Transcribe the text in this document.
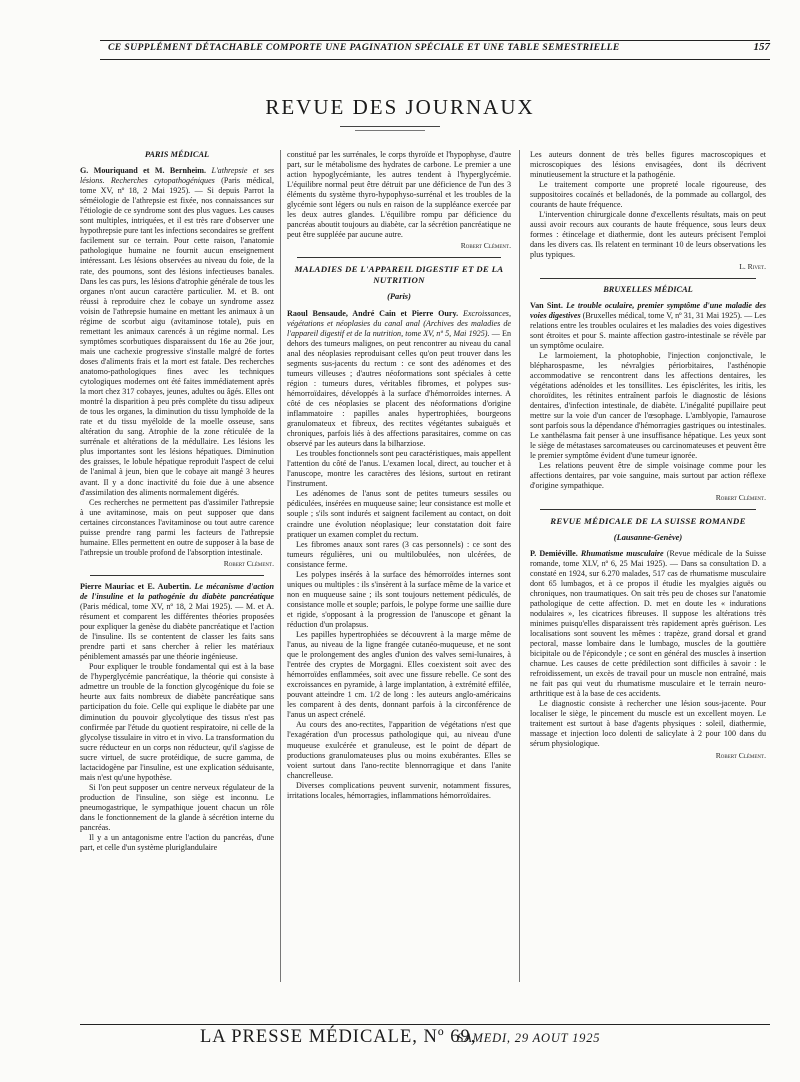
CE SUPPLÉMENT DÉTACHABLE COMPORTE UNE PAGINATION SPÉCIALE ET UNE TABLE SEMESTRIELLE	157
REVUE DES JOURNAUX
PARIS MÉDICAL

G. Mouriquand et M. Bernheim. L'athrepsie et ses lésions. Recherches cytopathogéniques (Paris médical, tome XV, nº 18, 2 Mai 1925). — Si depuis Parrot la séméiologie de l'athrepsie est fixée, nos connaissances sur l'étiologie de ce syndrome sont des plus vagues. Les causes sont multiples, intriquées, et il est très rare d'observer une hypothrepsie pure tant les infections secondaires se greffent facilement sur ce terrain. Pour cette raison, l'anatomie pathologique humaine ne fournit aucun enseignement intéressant. Les lésions observées au niveau du foie, de la rate, des poumons, sont des lésions infectieuses banales. Dans les cas purs, les lésions d'atrophie générale de tous les organes n'ont aucun caractère particulier. M. et B. ont réussi à reproduire chez le cobaye un syndrome assez voisin de l'athrepsie humaine en mettant les animaux à un régime de scorbut aigu (avitaminose totale), puis en remettant les animaux carencés à un régime normal. Les symptômes scorbutiques disparaissent du 16e au 26e jour, mais une cachexie progressive s'installe malgré de fortes doses d'aliments frais et la mort est fatale. Des recherches anatomo-pathologiques fines avec les techniques cytologiques modernes ont été faites immédiatement après la mort chez 317 cobayes, jeunes, adultes ou âgés. Elles ont montré la disparition à peu près complète du tissu adipeux de tous les organes, la diminution du tissu lymphoïde de la rate et du tissu myéloïde de la moelle osseuse, sans altération du sang. Atrophie de la zone réticulée de la surrénale et altérations de la médullaire. Les lésions les plus importantes sont les lésions hépatiques. Diminution des graisses, le lobule hépatique reproduit l'aspect de celui de l'animal à jeun, bien que le cobaye ait mangé 3 heures avant. Il y a donc inactivité du foie due à une absence d'assimilation des aliments normalement digérés.

Ces recherches ne permettent pas d'assimiler l'athrepsie à une avitaminose, mais on peut supposer que dans certaines circonstances l'avitaminose ou tout autre carence puisse prendre rang parmi les facteurs de l'athrepsie humaine. Elles permettent en outre de supposer à la base de l'athrepsie un trouble profond de l'absorption intestinale.

Robert Clément.

Pierre Mauriac et E. Aubertin. Le mécanisme d'action de l'insuline et la pathogénie du diabète pancréatique (Paris médical, tome XV, nº 18, 2 Mai 1925). — M. et A. résument et comparent les différentes théories proposées pour expliquer la genèse du diabète pancréatique et l'action de l'insuline. Ils se contentent de classer les faits sans prendre parti et sans chercher à relier les matériaux péniblement amassés par une théorie ingénieuse.

Pour expliquer le trouble fondamental qui est à la base de l'hyperglycémie pancréatique, la théorie qui consiste à admettre un trouble de la fonction glycogénique du foie se heurte aux faits nombreux de diabète pancréatique sans participation du foie. Celle qui explique le diabète par une diminution du pouvoir glycolytique des tissus n'est pas confirmée par l'étude du quotient respiratoire, ni celle de la glycolyse tissulaire in vitro et in vivo. La transformation du sucre réducteur en un corps non réducteur, qu'il s'agisse de sucre virtuel, de sucre protéidique, de sucre gamma, de lactacidogène par l'insuline, est une explication séduisante, mais n'est qu'une hypothèse.

Si l'on peut supposer un centre nerveux régulateur de la production de l'insuline, son siège est inconnu. Le pneumogastrique, le sympathique jouent chacun un rôle dans le fonctionnement de la glande à sécrétion interne du pancréas.

Il y a un antagonisme entre l'action du pancréas, d'une part, et celle d'un système pluriglandulaire

constitué par les surrénales, le corps thyroïde et l'hypophyse, d'autre part, sur le métabolisme des hydrates de carbone. Le premier a une action hypoglycémiante, les autres tendent à l'hyperglycémie. L'équilibre normal peut être détruit par une déficience de l'un des 3 éléments du système thyro-hypophyso-surrénal et les troubles de la glycémie sont légers ou nuls en raison de la suppléance exercée par les deux autres glandes. L'équilibre rompu par déficience du pancréas aboutit toujours au diabète, car la sécrétion pancréatique ne peut être suppléée par aucune autre.

Robert Clément.
MALADIES DE L'APPAREIL DIGESTIF ET DE LA NUTRITION
(Paris)

Raoul Bensaude, André Cain et Pierre Oury. Excroissances, végétations et néoplasies du canal anal (Archives des maladies de l'appareil digestif et de la nutrition, tome XV, nº 5, Mai 1925). — En dehors des tumeurs malignes, on peut rencontrer au niveau du canal anal des néoplasies reproduisant celles qu'on peut trouver dans les segments sus-jacents du rectum : ce sont des adénomes et des tumeurs villeuses ; d'autres néoformations sont spéciales à cette région : tumeurs dures, véritables fibromes, et polypes sus-hémorroïdaires, développés à la surface d'hémorroïdes internes. A côté de ces néoplasies se placent des néoformations d'origine inflammatoire : papilles anales hypertrophiées, bourgeons granulomateux et fibreux, des rectites végétantes subaiguës et chroniques, parfois liés à des affections parasitaires, comme on cas observé par les auteurs dans la bilharziose.

Les troubles fonctionnels sont peu caractéristiques, mais appellent l'attention du côté de l'anus. L'examen local, direct, au toucher et à l'anuscope, montre les caractères des lésions, surtout en retirant l'instrument.

Les adénomes de l'anus sont de petites tumeurs sessiles ou pédiculées, insérées en muqueuse saine; leur consistance est molle et souple ; s'ils sont indurés et saignent facilement au contact, on doit craindre une évolution néoplasique; leur constatation doit faire pratiquer un examen complet du rectum.

Les fibromes anaux sont rares (3 cas personnels) : ce sont des tumeurs régulières, uni ou multilobulées, non ulcérées, de consistance ferme.

Les polypes insérés à la surface des hémorroïdes internes sont uniques ou multiples : ils s'insèrent à la surface même de la varice et non en muqueuse saine ; ils sont toujours nettement pédiculés, de consistance molle et souple; parfois, le polype forme une saillie dure et rigide, s'opposant à la progression de l'anuscope et gênant la réduction d'un prolapsus.

Les papilles hypertrophiées se découvrent à la marge même de l'anus, au niveau de la ligne frangée cutanéo-muqueuse, et ne sont que le prolongement des angles d'union des valves semi-lunaires, à l'entrée des cryptes de Morgagni. Elles coexistent soit avec des hémorroïdes enflammées, soit avec une fissure rebelle. Ce sont des excroissances en pyramide, à large implantation, à extrémité effilée, pouvant atteindre 1 cm. 1/2 de long : les auteurs anglo-américains les comparent à des dents, donnant parfois à la circonférence de l'anus un aspect crénelé.

Au cours des ano-rectites, l'apparition de végétations n'est que l'exagération d'un processus pathologique qui, au niveau d'une muqueuse exulcérée et granuleuse, est le point de départ de productions granulomateuses plus ou moins exubérantes. Elles se voient surtout dans l'ano-rectite blennorragique et dans l'anite chancrelleuse.

Diverses complications peuvent survenir, notamment fissures, irritations locales, hémorragies, inflammations hémorroïdaires.

Les auteurs donnent de très belles figures macroscopiques et microscopiques des lésions envisagées, dont ils décrivent minutieusement la structure et la pathogénie.

Le traitement comporte une propreté locale rigoureuse, des suppositoires cocaïnés et belladonés, de la pommade au collargol, des courants de haute fréquence.

L'intervention chirurgicale donne d'excellents résultats, mais on peut aussi avoir recours aux courants de haute fréquence, sous leurs deux formes : étincelage et diathermie, dont les auteurs précisent l'emploi dans les divers cas. Ils relatent en terminant 10 de leurs observations les plus typiques.

L. Rivet.
BRUXELLES MÉDICAL

Van Sint. Le trouble oculaire, premier symptôme d'une maladie des voies digestives (Bruxelles médical, tome V, nº 31, 31 Mai 1925). — Les relations entre les troubles oculaires et les maladies des voies digestives sont étroites et pour S. mainte affection gastro-intestinale se révèle par un symptôme oculaire.

Le larmoiement, la photophobie, l'injection conjonctivale, le blépharospasme, les névralgies périorbitaires, l'asthénopie accommodative se rencontrent dans les affections dentaires, les végétations adénoïdes et les tonsillites. Les épisclérites, les iritis, les choroïdites, les rétinites entraînent parfois le diagnostic de lésions dentaires, d'infection intestinale, de diabète. L'inégalité pupillaire peut mettre sur la voie d'un cancer de l'œsophage. L'amblyopie, l'amaurose sont parfois sous la dépendance d'hémorragies gastriques ou intestinales. Le xanthélasma fait penser à une insuffisance hépatique. Les yeux sont le siège de métastases sarcomateuses ou carcinomateuses et peuvent être le premier symptôme évident d'une tumeur ignorée.

Les relations peuvent être de simple voisinage comme pour les affections dentaires, par voie sanguine, mais surtout par action réflexe d'origine sympathique.

Robert Clément.
REVUE MÉDICALE DE LA SUISSE ROMANDE
(Lausanne-Genève)

P. Demiéville. Rhumatisme musculaire (Revue médicale de la Suisse romande, tome XLV, nº 6, 25 Mai 1925). — Dans sa consultation D. a constaté en 1924, sur 6.270 malades, 517 cas de rhumatisme musculaire dont 65 lumbagos, et à ce propos il étudie les myalgies aiguës ou chroniques, non traumatiques. On sait très peu de choses sur l'anatomie pathologique de cette affection. D. met en doute les « indurations nodulaires », les cicatrices fibreuses. Il suppose les altérations très minimes puisqu'elles disparaissent très rapidement après guérison. Les localisations sont souvent les mêmes : trapèze, grand dorsal et grand pectoral, masse lombaire dans le lumbago, muscles de la gouttière bicipitale ou de l'épicondyle ; ce sont en général des muscles à insertion charnue. Les causes de cette prédilection sont difficiles à savoir : le refroidissement, un excès de travail pour un muscle non entraîné, mais ne fait pas qui veut du rhumatisme musculaire et le terrain neuro-arthritique est à la base de ces accidents.

Le diagnostic consiste à rechercher une lésion sous-jacente. Pour localiser le siège, le pincement du muscle est un excellent moyen. Le traitement est surtout à base d'agents physiques : soleil, diathermie, massage et injection loco dolenti de salicylate à 2 pour 100 dans du sérum physiologique.

Robert Clément.
LA PRESSE MÉDICALE, Nº 69,
SAMEDI, 29 AOUT 1925
